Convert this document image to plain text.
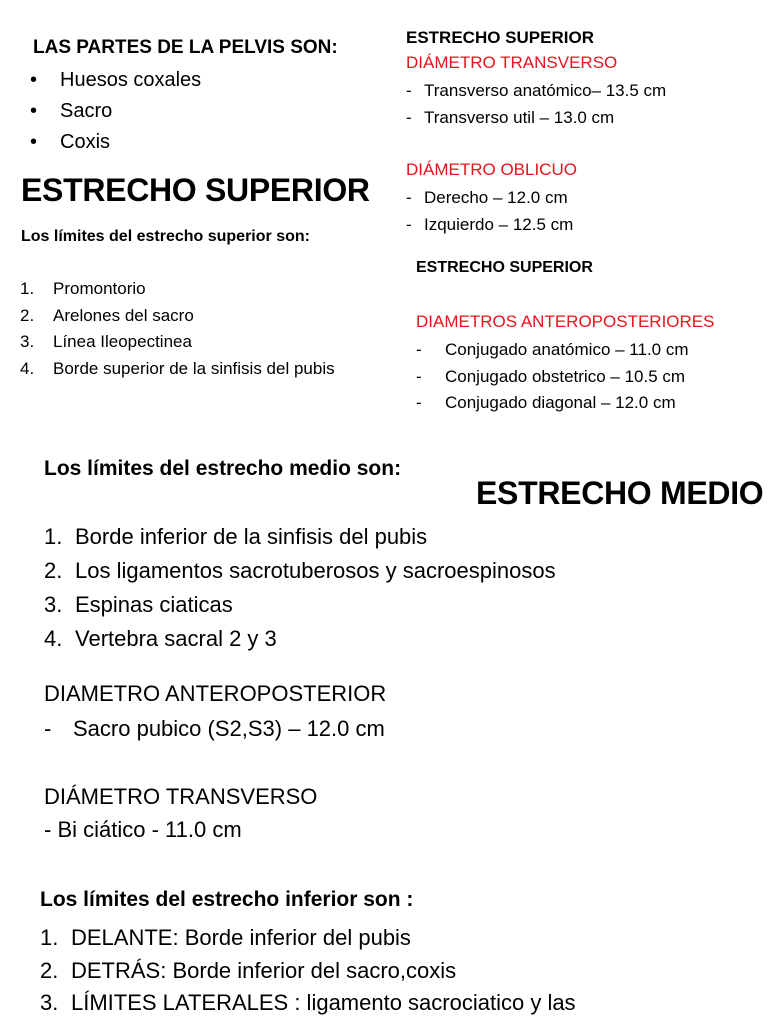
LAS PARTES DE LA PELVIS SON:
• Huesos coxales
• Sacro
• Coxis
ESTRECHO SUPERIOR
Los límites del estrecho superior son:
1. Promontorio
2. Arelones del sacro
3. Línea Ileopectinea
4. Borde superior de la sinfisis del pubis
ESTRECHO SUPERIOR
DIÁMETRO TRANSVERSO
- Transverso anatómico– 13.5 cm
- Transverso util – 13.0 cm
DIÁMETRO OBLICUO
- Derecho – 12.0 cm
- Izquierdo – 12.5 cm
ESTRECHO SUPERIOR
DIAMETROS ANTEROPOSTERIORES
- Conjugado anatómico – 11.0 cm
- Conjugado obstetrico – 10.5 cm
- Conjugado diagonal – 12.0 cm
Los límites del estrecho medio son:
ESTRECHO MEDIO
1. Borde inferior de la sinfisis del pubis
2. Los ligamentos sacrotuberosos y sacroespinosos
3. Espinas ciaticas
4. Vertebra sacral 2 y 3
DIAMETRO ANTEROPOSTERIOR
- Sacro pubico (S2,S3) – 12.0 cm
DIÁMETRO TRANSVERSO
- Bi ciático - 11.0 cm
Los límites del estrecho inferior son :
1. DELANTE: Borde inferior del pubis
2. DETRÁS: Borde inferior del sacro,coxis
3. LÍMITES LATERALES : ligamento sacrociatico y las
